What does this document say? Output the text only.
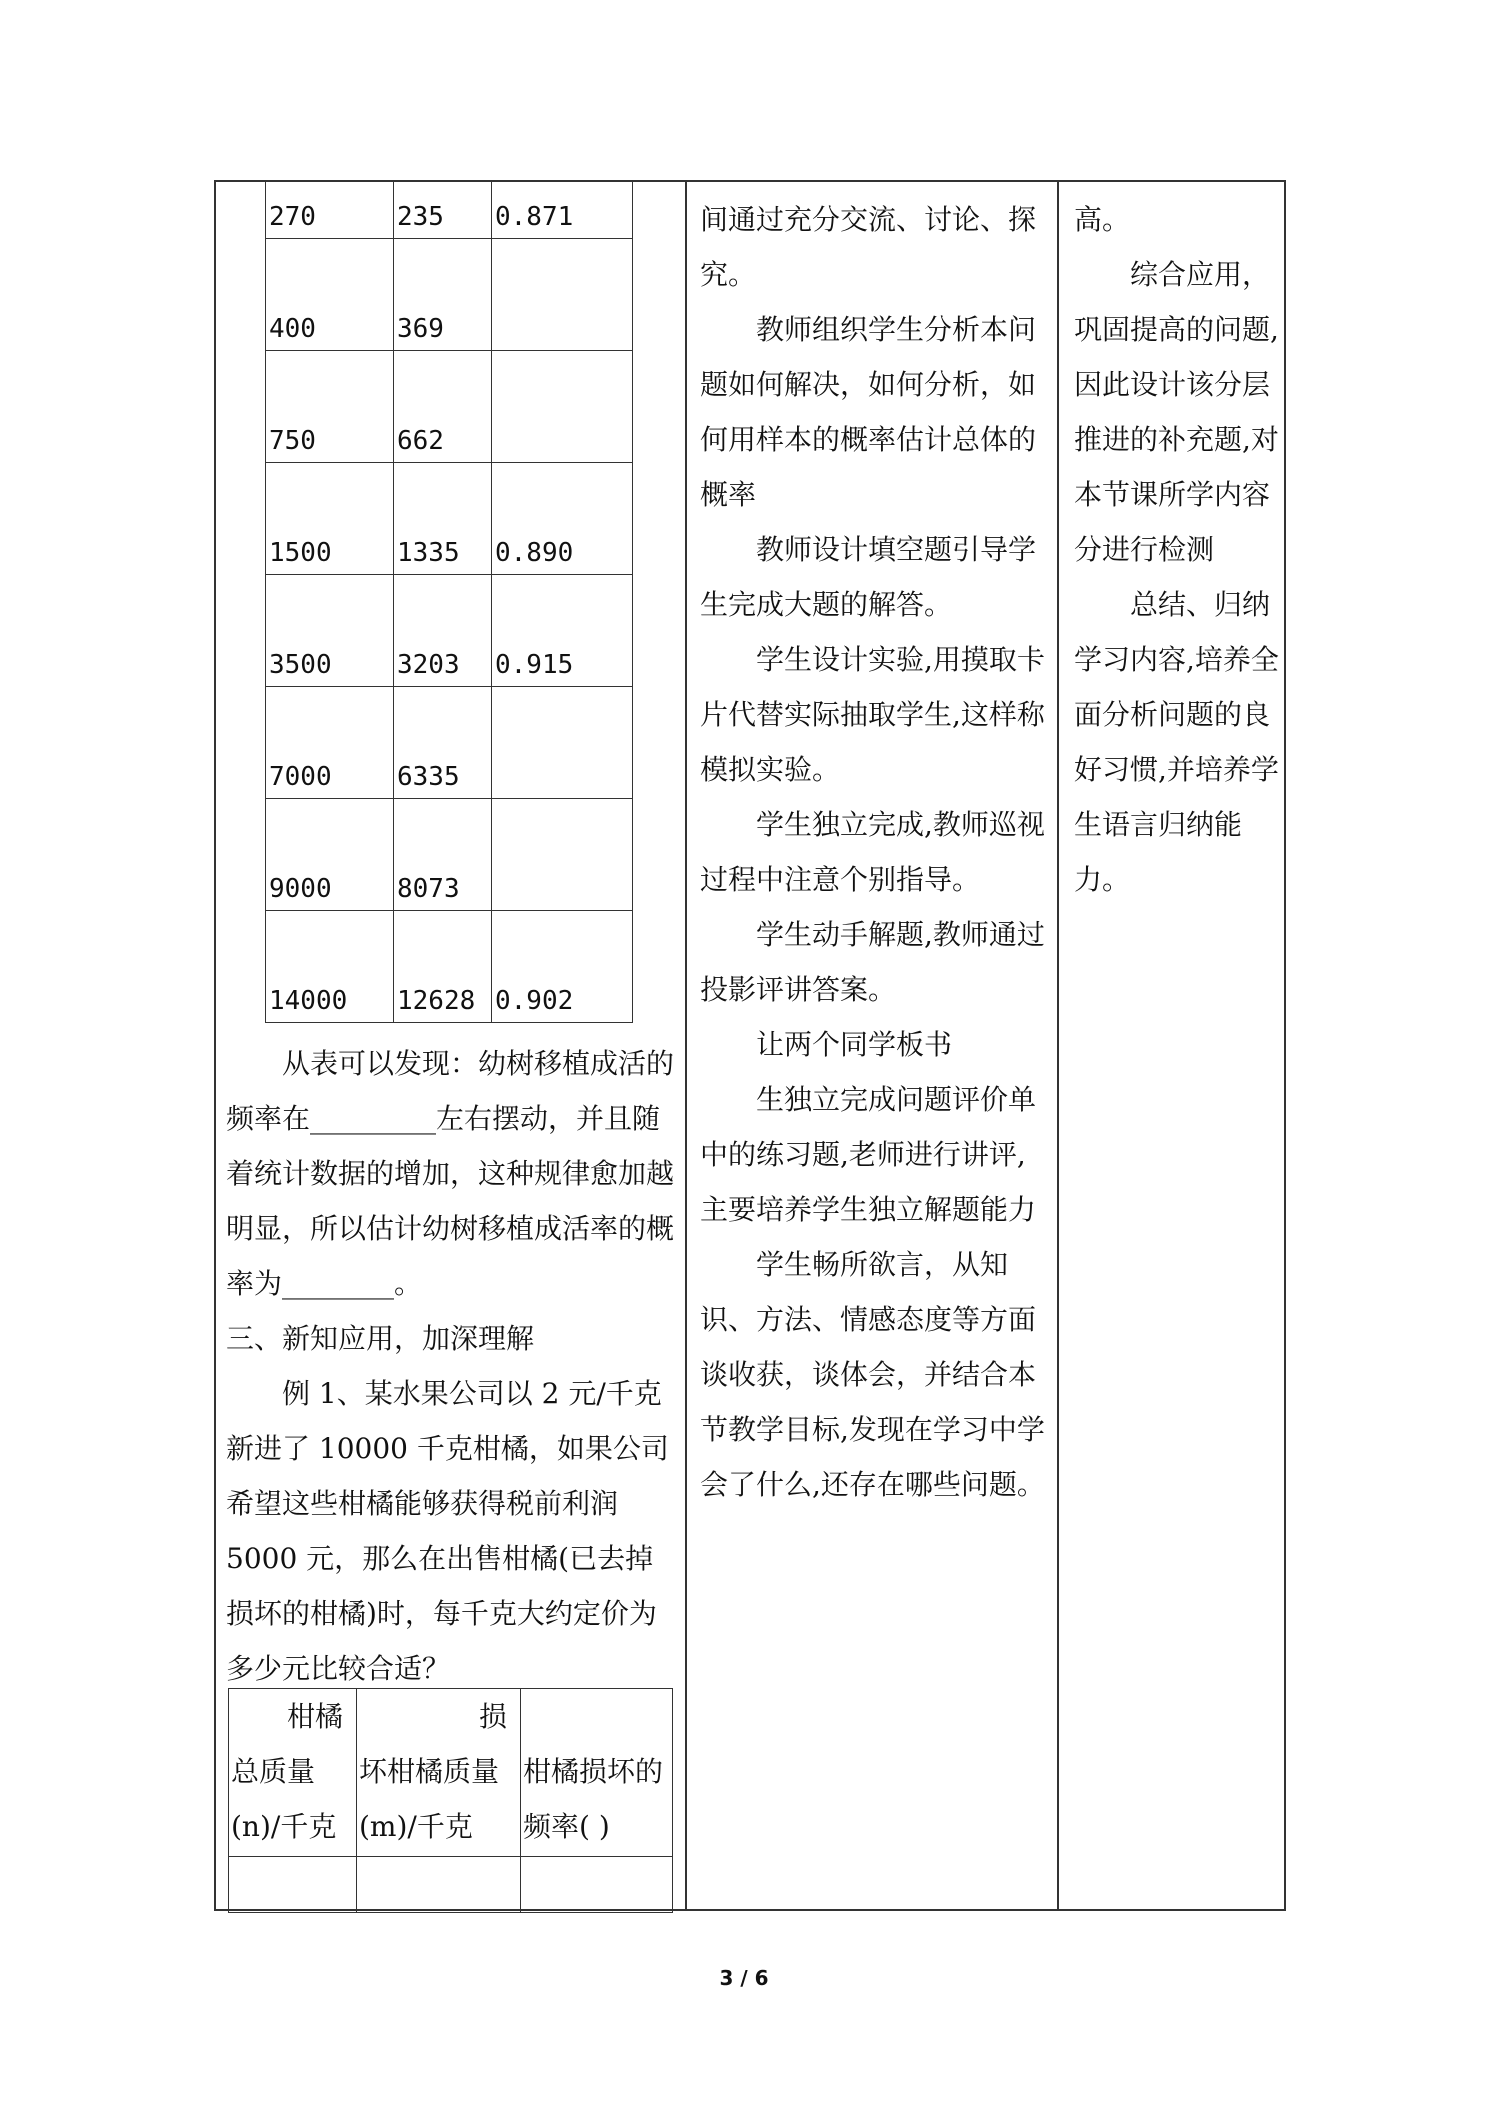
270	235	0.871
400	369	
750	662	
1500	1335	0.890
3500	3203	0.915
7000	6335	
9000	8073	
14000	12628	0.902

从表可以发现：幼树移植成活的频率在_________左右摆动，并且随着统计数据的增加，这种规律愈加越明显，所以估计幼树移植成活率的概率为________。

三、新知应用，加深理解

例 1、某水果公司以 2 元/千克新进了 10000 千克柑橘，如果公司希望这些柑橘能够获得税前利润 5000 元，那么在出售柑橘(已去掉损坏的柑橘)时，每千克大约定价为多少元比较合适？

柑橘总质量(n)/千克	损坏柑橘质量(m)/千克	柑橘损坏的频率( )

间通过充分交流、讨论、探究。

教师组织学生分析本问题如何解决，如何分析，如何用样本的概率估计总体的概率

教师设计填空题引导学生完成大题的解答。

学生设计实验,用摸取卡片代替实际抽取学生,这样称模拟实验。

学生独立完成,教师巡视过程中注意个别指导。

学生动手解题,教师通过投影评讲答案。

让两个同学板书

生独立完成问题评价单中的练习题,老师进行讲评,主要培养学生独立解题能力

学生畅所欲言，从知识、方法、情感态度等方面谈收获，谈体会，并结合本节教学目标,发现在学习中学会了什么,还存在哪些问题。

高。

综合应用，巩固提高的问题,因此设计该分层推进的补充题,对本节课所学内容分进行检测

总结、归纳学习内容,培养全面分析问题的良好习惯,并培养学生语言归纳能力。

3 / 6
